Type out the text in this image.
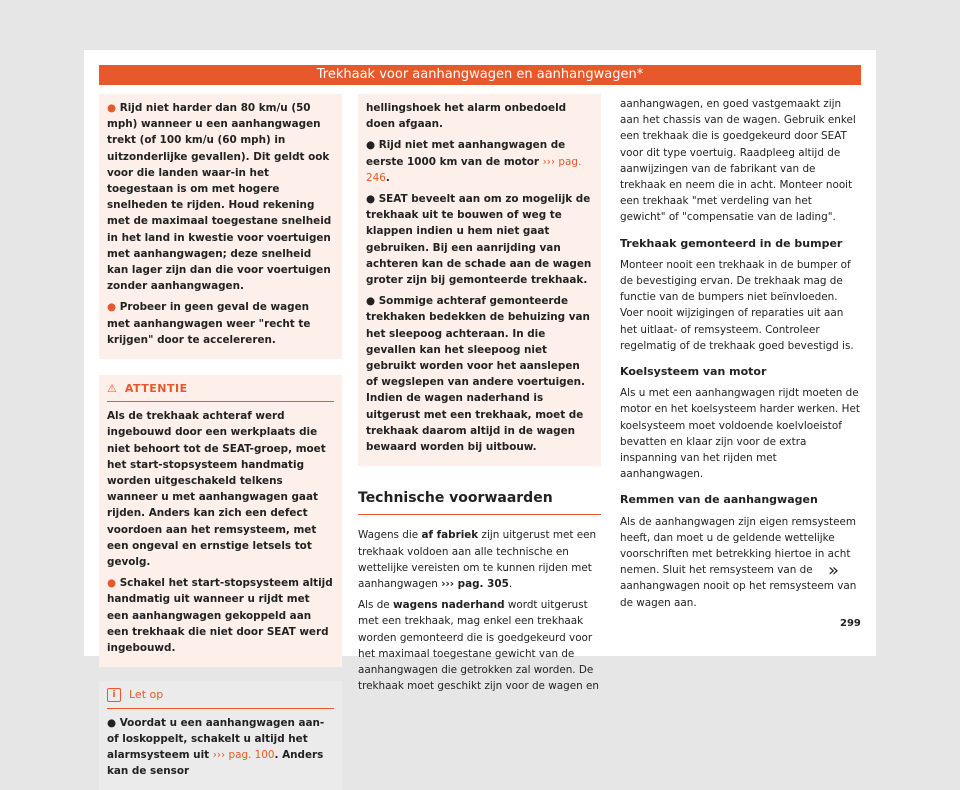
Trekhaak voor aanhangwagen en aanhangwagen*

● Rijd niet harder dan 80 km/u (50 mph) wanneer u een aanhangwagen trekt (of 100 km/u (60 mph) in uitzonderlijke gevallen). Dit geldt ook voor die landen waar-in het toegestaan is om met hogere snelheden te rijden. Houd rekening met de maximaal toegestane snelheid in het land in kwestie voor voertuigen met aanhangwagen; deze snelheid kan lager zijn dan die voor voertuigen zonder aanhangwagen.

● Probeer in geen geval de wagen met aanhangwagen weer "recht te krijgen" door te accelereren.

⚠ ATTENTIE

Als de trekhaak achteraf werd ingebouwd door een werkplaats die niet behoort tot de SEAT-groep, moet het start-stopsysteem handmatig worden uitgeschakeld telkens wanneer u met aanhangwagen gaat rijden. Anders kan zich een defect voordoen aan het remsysteem, met een ongeval en ernstige letsels tot gevolg.

● Schakel het start-stopsysteem altijd handmatig uit wanneer u rijdt met een aanhangwagen gekoppeld aan een trekhaak die niet door SEAT werd ingebouwd.

i	Let op

● Voordat u een aanhangwagen aan- of loskoppelt, schakelt u altijd het alarmsysteem uit ››› pag. 100. Anders kan de sensor

hellingshoek het alarm onbedoeld doen afgaan.

● Rijd niet met aanhangwagen de eerste 1000 km van de motor ››› pag. 246.

● SEAT beveelt aan om zo mogelijk de trekhaak uit te bouwen of weg te klappen indien u hem niet gaat gebruiken. Bij een aanrijding van achteren kan de schade aan de wagen groter zijn bij gemonteerde trekhaak.

● Sommige achteraf gemonteerde trekhaken bedekken de behuizing van het sleepoog achteraan. In die gevallen kan het sleepoog niet gebruikt worden voor het aanslepen of wegslepen van andere voertuigen. Indien de wagen naderhand is uitgerust met een trekhaak, moet de trekhaak daarom altijd in de wagen bewaard worden bij uitbouw.

Technische voorwaarden

Wagens die af fabriek zijn uitgerust met een trekhaak voldoen aan alle technische en wettelijke vereisten om te kunnen rijden met aanhangwagen ››› pag. 305.

Als de wagens naderhand wordt uitgerust met een trekhaak, mag enkel een trekhaak worden gemonteerd die is goedgekeurd voor het maximaal toegestane gewicht van de aanhangwagen die getrokken zal worden. De trekhaak moet geschikt zijn voor de wagen en

aanhangwagen, en goed vastgemaakt zijn aan het chassis van de wagen. Gebruik enkel een trekhaak die is goedgekeurd door SEAT voor dit type voertuig. Raadpleeg altijd de aanwijzingen van de fabrikant van de trekhaak en neem die in acht. Monteer nooit een trekhaak "met verdeling van het gewicht" of "compensatie van de lading".

Trekhaak gemonteerd in de bumper

Monteer nooit een trekhaak in de bumper of de bevestiging ervan. De trekhaak mag de functie van de bumpers niet beïnvloeden. Voer nooit wijzigingen of reparaties uit aan het uitlaat- of remsysteem. Controleer regelmatig of de trekhaak goed bevestigd is.

Koelsysteem van motor

Als u met een aanhangwagen rijdt moeten de motor en het koelsysteem harder werken. Het koelsysteem moet voldoende koelvloeistof bevatten en klaar zijn voor de extra inspanning van het rijden met aanhangwagen.

Remmen van de aanhangwagen

Als de aanhangwagen zijn eigen remsysteem heeft, dan moet u de geldende wettelijke voorschriften met betrekking hiertoe in acht nemen. Sluit het remsysteem van de aanhangwagen nooit op het remsysteem van de wagen aan.

»
299
